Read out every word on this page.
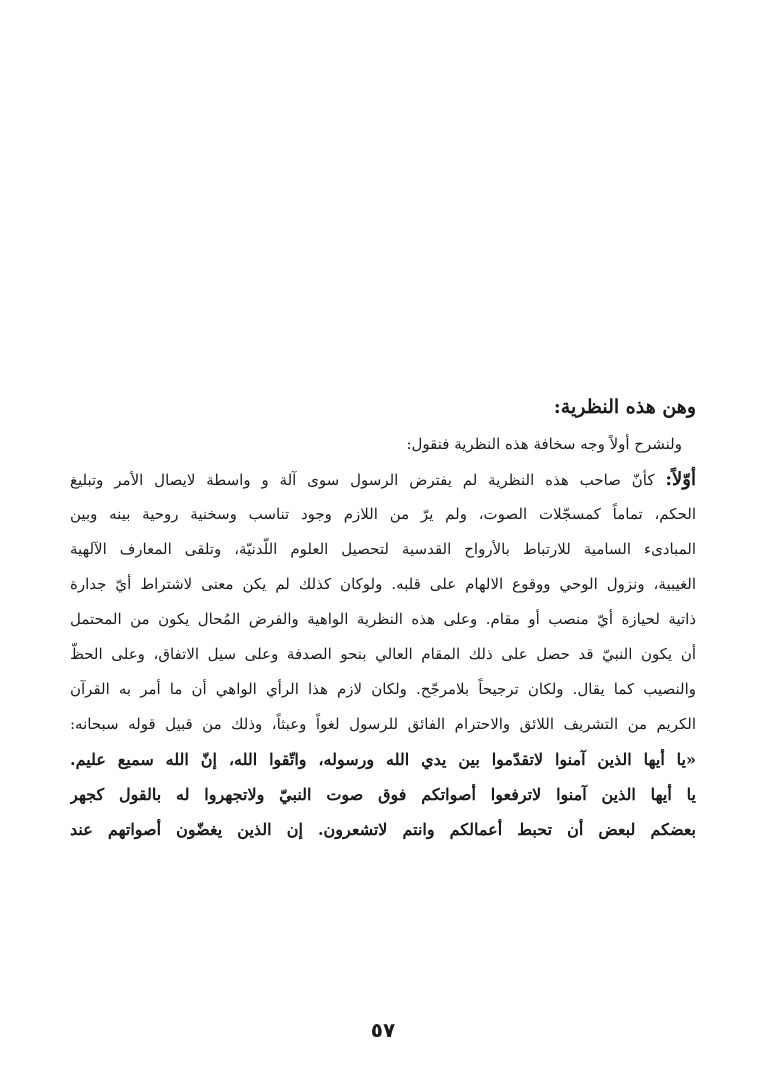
وهن هذه النظرية:

ولنشرح أولاً وجه سخافة هذه النظرية فنقول:

أوّلاً: كأنّ صاحب هذه النظرية لم يفترض الرسول سوى آلة و واسطة لايصال الأمر وتبليغ

الحكم، تماماً كمسجّلات الصوت، ولم يرّ من اللازم وجود تناسب وسخنية روحية بينه وبين

المبادىء السامية للارتباط بالأرواح القدسية لتحصيل العلوم اللّدنيّة، وتلقى المعارف الآلهية

الغيبية، ونزول الوحي ووقوع الالهام على قلبه. ولوكان كذلك لم يكن معنى لاشتراط أيّ جدارة

ذاتية لحيازة أيّ منصب أو مقام. وعلى هذه النظرية الواهية والفرض المُحال يكون من المحتمل

أن يكون النبيّ قد حصل على ذلك المقام العالي بنحو الصدفة وعلى سيل الاتفاق، وعلى الحظّ

والنصيب كما يقال. ولكان ترجيحاً بلامرجّح. ولكان لازم هذا الرأي الواهي أن ما أمر به القرآن

الكريم من التشريف اللائق والاحترام الفائق للرسول لغواً وعبثاً، وذلك من قبيل قوله سبحانه:

«يا أيها الذين آمنوا لاتقدّموا بين يدي الله ورسوله، واتّقوا الله، إنّ الله سميع عليم.

يا أيها الذين آمنوا لاترفعوا أصواتكم فوق صوت النبيّ ولاتجهروا له بالقول كجهر

بعضكم لبعض أن تحبط أعمالكم وانتم لاتشعرون. إن الذين يغضّون أصواتهم عند

٥٧
